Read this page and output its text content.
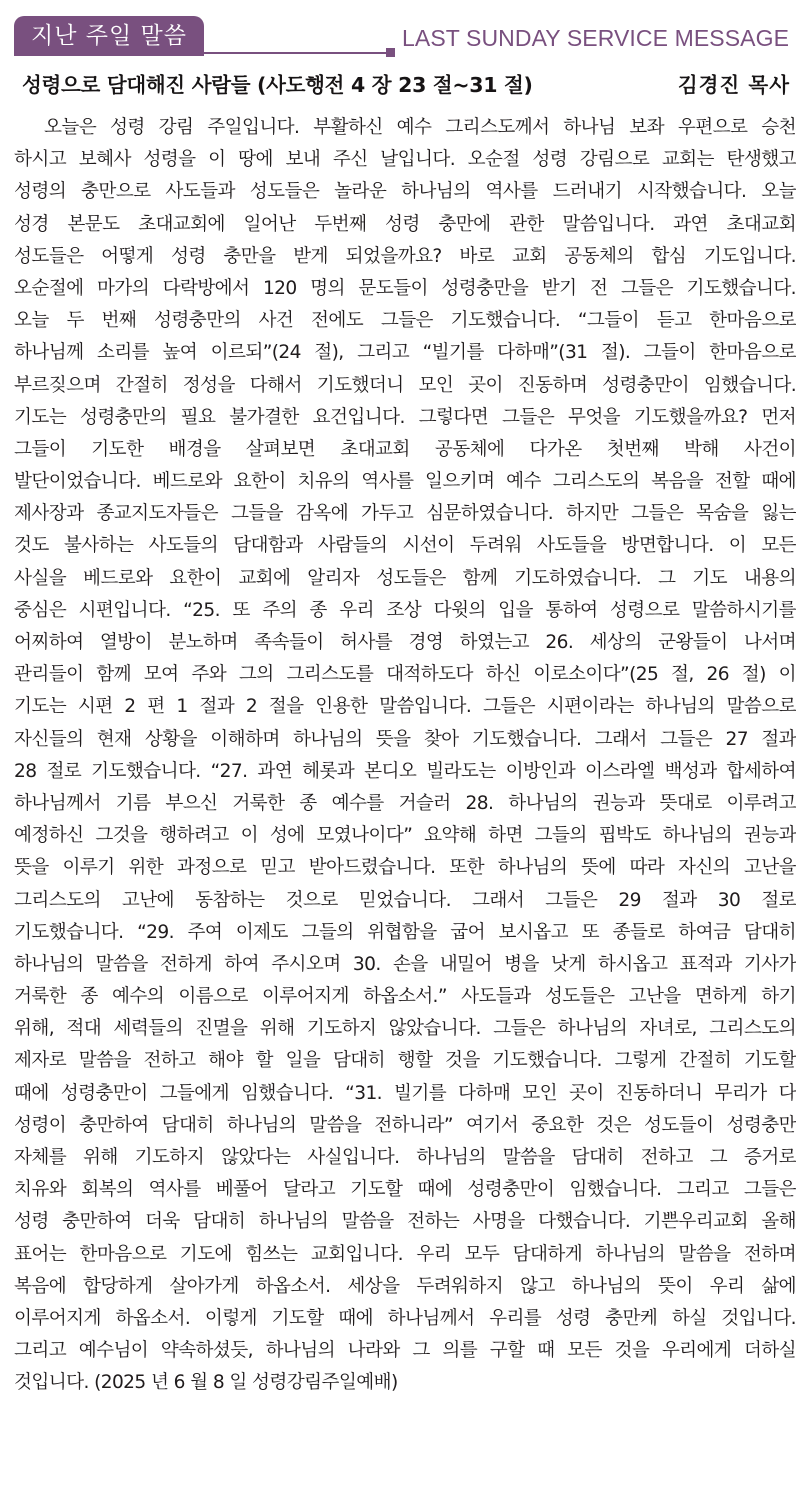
지난 주일 말씀	LAST SUNDAY SERVICE MESSAGE
성령으로 담대해진 사람들 (사도행전 4 장 23 절~31 절)	김경진 목사
오늘은 성령 강림 주일입니다. 부활하신 예수 그리스도께서 하나님 보좌 우편으로 승천
하시고 보혜사 성령을 이 땅에 보내 주신 날입니다. 오순절 성령 강림으로 교회는 탄생했고
성령의 충만으로 사도들과 성도들은 놀라운 하나님의 역사를 드러내기 시작했습니다. 오늘
성경 본문도 초대교회에 일어난 두번째 성령 충만에 관한 말씀입니다. 과연 초대교회
성도들은 어떻게 성령 충만을 받게 되었을까요? 바로 교회 공동체의 합심 기도입니다.
오순절에 마가의 다락방에서 120 명의 문도들이 성령충만을 받기 전 그들은 기도했습니다.
오늘 두 번째 성령충만의 사건 전에도 그들은 기도했습니다. “그들이 듣고 한마음으로
하나님께 소리를 높여 이르되”(24 절), 그리고 “빌기를 다하매”(31 절). 그들이 한마음으로
부르짖으며 간절히 정성을 다해서 기도했더니 모인 곳이 진동하며 성령충만이 임했습니다.
기도는 성령충만의 필요 불가결한 요건입니다. 그렇다면 그들은 무엇을 기도했을까요? 먼저
그들이 기도한 배경을 살펴보면 초대교회 공동체에 다가온 첫번째 박해 사건이
발단이었습니다. 베드로와 요한이 치유의 역사를 일으키며 예수 그리스도의 복음을 전할 때에
제사장과 종교지도자들은 그들을 감옥에 가두고 심문하였습니다. 하지만 그들은 목숨을 잃는
것도 불사하는 사도들의 담대함과 사람들의 시선이 두려워 사도들을 방면합니다. 이 모든
사실을 베드로와 요한이 교회에 알리자 성도들은 함께 기도하였습니다. 그 기도 내용의
중심은 시편입니다. “25. 또 주의 종 우리 조상 다윗의 입을 통하여 성령으로 말씀하시기를
어찌하여 열방이 분노하며 족속들이 허사를 경영 하였는고 26. 세상의 군왕들이 나서며
관리들이 함께 모여 주와 그의 그리스도를 대적하도다 하신 이로소이다”(25 절, 26 절) 이
기도는 시편 2 편 1 절과 2 절을 인용한 말씀입니다. 그들은 시편이라는 하나님의 말씀으로
자신들의 현재 상황을 이해하며 하나님의 뜻을 찾아 기도했습니다. 그래서 그들은 27 절과
28 절로 기도했습니다. “27. 과연 헤롯과 본디오 빌라도는 이방인과 이스라엘 백성과 합세하여
하나님께서 기름 부으신 거룩한 종 예수를 거슬러 28. 하나님의 권능과 뜻대로 이루려고
예정하신 그것을 행하려고 이 성에 모였나이다” 요약해 하면 그들의 핍박도 하나님의 권능과
뜻을 이루기 위한 과정으로 믿고 받아드렸습니다. 또한 하나님의 뜻에 따라 자신의 고난을
그리스도의 고난에 동참하는 것으로 믿었습니다. 그래서 그들은 29 절과 30 절로
기도했습니다. “29. 주여 이제도 그들의 위협함을 굽어 보시옵고 또 종들로 하여금 담대히
하나님의 말씀을 전하게 하여 주시오며 30. 손을 내밀어 병을 낫게 하시옵고 표적과 기사가
거룩한 종 예수의 이름으로 이루어지게 하옵소서.” 사도들과 성도들은 고난을 면하게 하기
위해, 적대 세력들의 진멸을 위해 기도하지 않았습니다. 그들은 하나님의 자녀로, 그리스도의
제자로 말씀을 전하고 해야 할 일을 담대히 행할 것을 기도했습니다. 그렇게 간절히 기도할
때에 성령충만이 그들에게 임했습니다. “31. 빌기를 다하매 모인 곳이 진동하더니 무리가 다
성령이 충만하여 담대히 하나님의 말씀을 전하니라” 여기서 중요한 것은 성도들이 성령충만
자체를 위해 기도하지 않았다는 사실입니다. 하나님의 말씀을 담대히 전하고 그 증거로
치유와 회복의 역사를 베풀어 달라고 기도할 때에 성령충만이 임했습니다. 그리고 그들은
성령 충만하여 더욱 담대히 하나님의 말씀을 전하는 사명을 다했습니다. 기쁜우리교회 올해
표어는 한마음으로 기도에 힘쓰는 교회입니다. 우리 모두 담대하게 하나님의 말씀을 전하며
복음에 합당하게 살아가게 하옵소서. 세상을 두려워하지 않고 하나님의 뜻이 우리 삶에
이루어지게 하옵소서. 이렇게 기도할 때에 하나님께서 우리를 성령 충만케 하실 것입니다.
그리고 예수님이 약속하셨듯, 하나님의 나라와 그 의를 구할 때 모든 것을 우리에게 더하실
것입니다. (2025 년 6 월 8 일 성령강림주일예배)
